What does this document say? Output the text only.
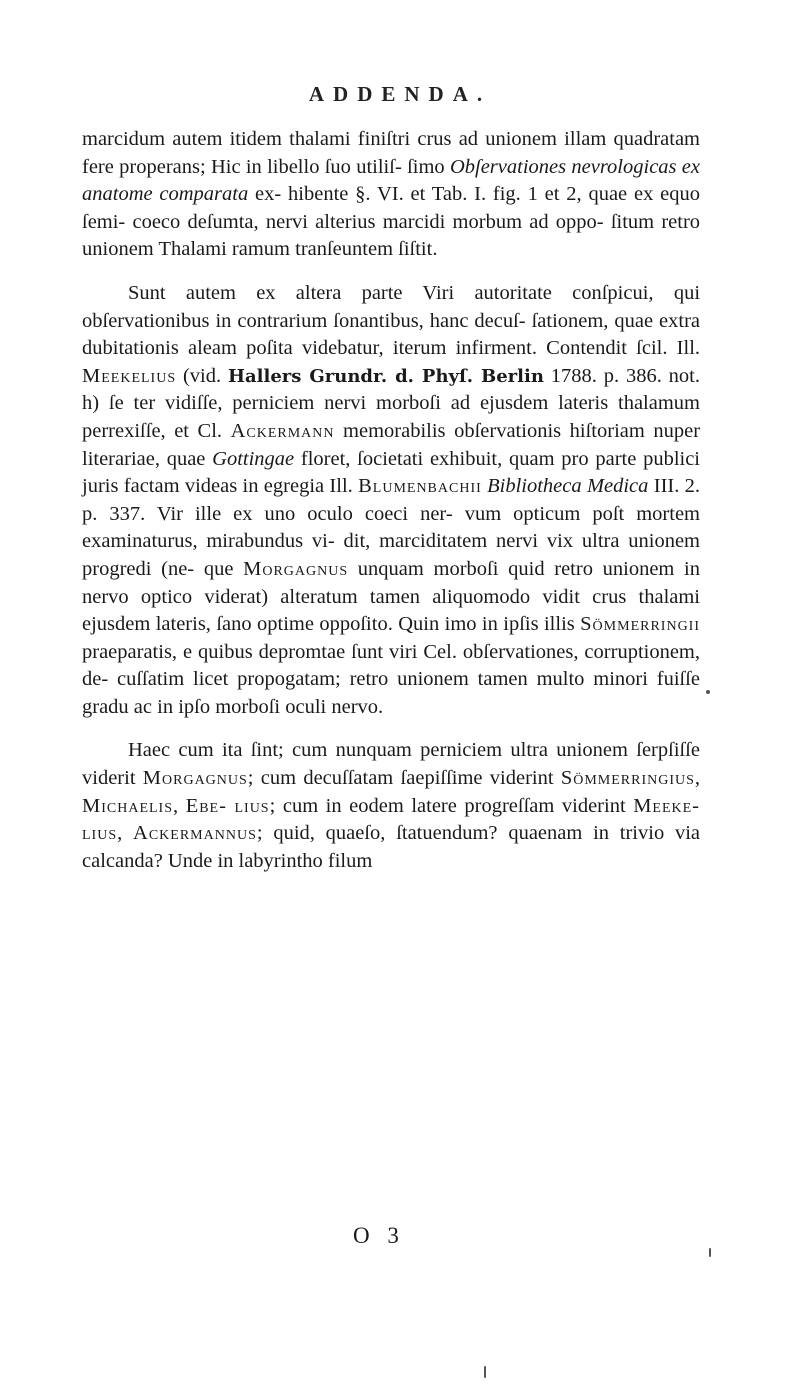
ADDENDA.

marcidum autem itidem thalami finiſtri crus ad unionem illam quadratam fere properans; Hic in libello ſuo utiliſ- ſimo Obſervationes nevrologicas ex anatome comparata ex- hibente §. VI. et Tab. I. fig. 1 et 2, quae ex equo ſemi- coeco deſumta, nervi alterius marcidi morbum ad oppo- ſitum retro unionem Thalami ramum tranſeuntem ſiſtit.

Sunt autem ex altera parte Viri autoritate conſpicui, qui obſervationibus in contrarium ſonantibus, hanc decuſ- ſationem, quae extra dubitationis aleam poſita videbatur, iterum infirment. Contendit ſcil. Ill. Meekelius (vid. Hallers Grundr. d. Phyſ. Berlin 1788. p. 386. not. h) ſe ter vidiſſe, perniciem nervi morboſi ad ejusdem lateris thalamum perrexiſſe, et Cl. Ackermann memorabilis obſervationis hiſtoriam nuper literariae, quae Gottingae floret, ſocietati exhibuit, quam pro parte publici juris factam videas in egregia Ill. Blumenbachii Bibliotheca Medica III. 2. p. 337. Vir ille ex uno oculo coeci ner- vum opticum poſt mortem examinaturus, mirabundus vi- dit, marciditatem nervi vix ultra unionem progredi (ne- que Morgagnus unquam morboſi quid retro unionem in nervo optico viderat) alteratum tamen aliquomodo vidit crus thalami ejusdem lateris, ſano optime oppoſito. Quin imo in ipſis illis Sömmerringii praeparatis, e quibus depromtae ſunt viri Cel. obſervationes, corruptionem, de- cuſſatim licet propogatam; retro unionem tamen multo minori fuiſſe gradu ac in ipſo morboſi oculi nervo.

Haec cum ita ſint; cum nunquam perniciem ultra unionem ſerpſiſſe viderit Morgagnus; cum decuſſatam ſaepiſſime viderint Sömmerringius, Michaelis, Ebe- lius; cum in eodem latere progreſſam viderint Meeke- lius, Ackermannus; quid, quaeſo, ſtatuendum? quaenam in trivio via calcanda? Unde in labyrintho filum

O 3
